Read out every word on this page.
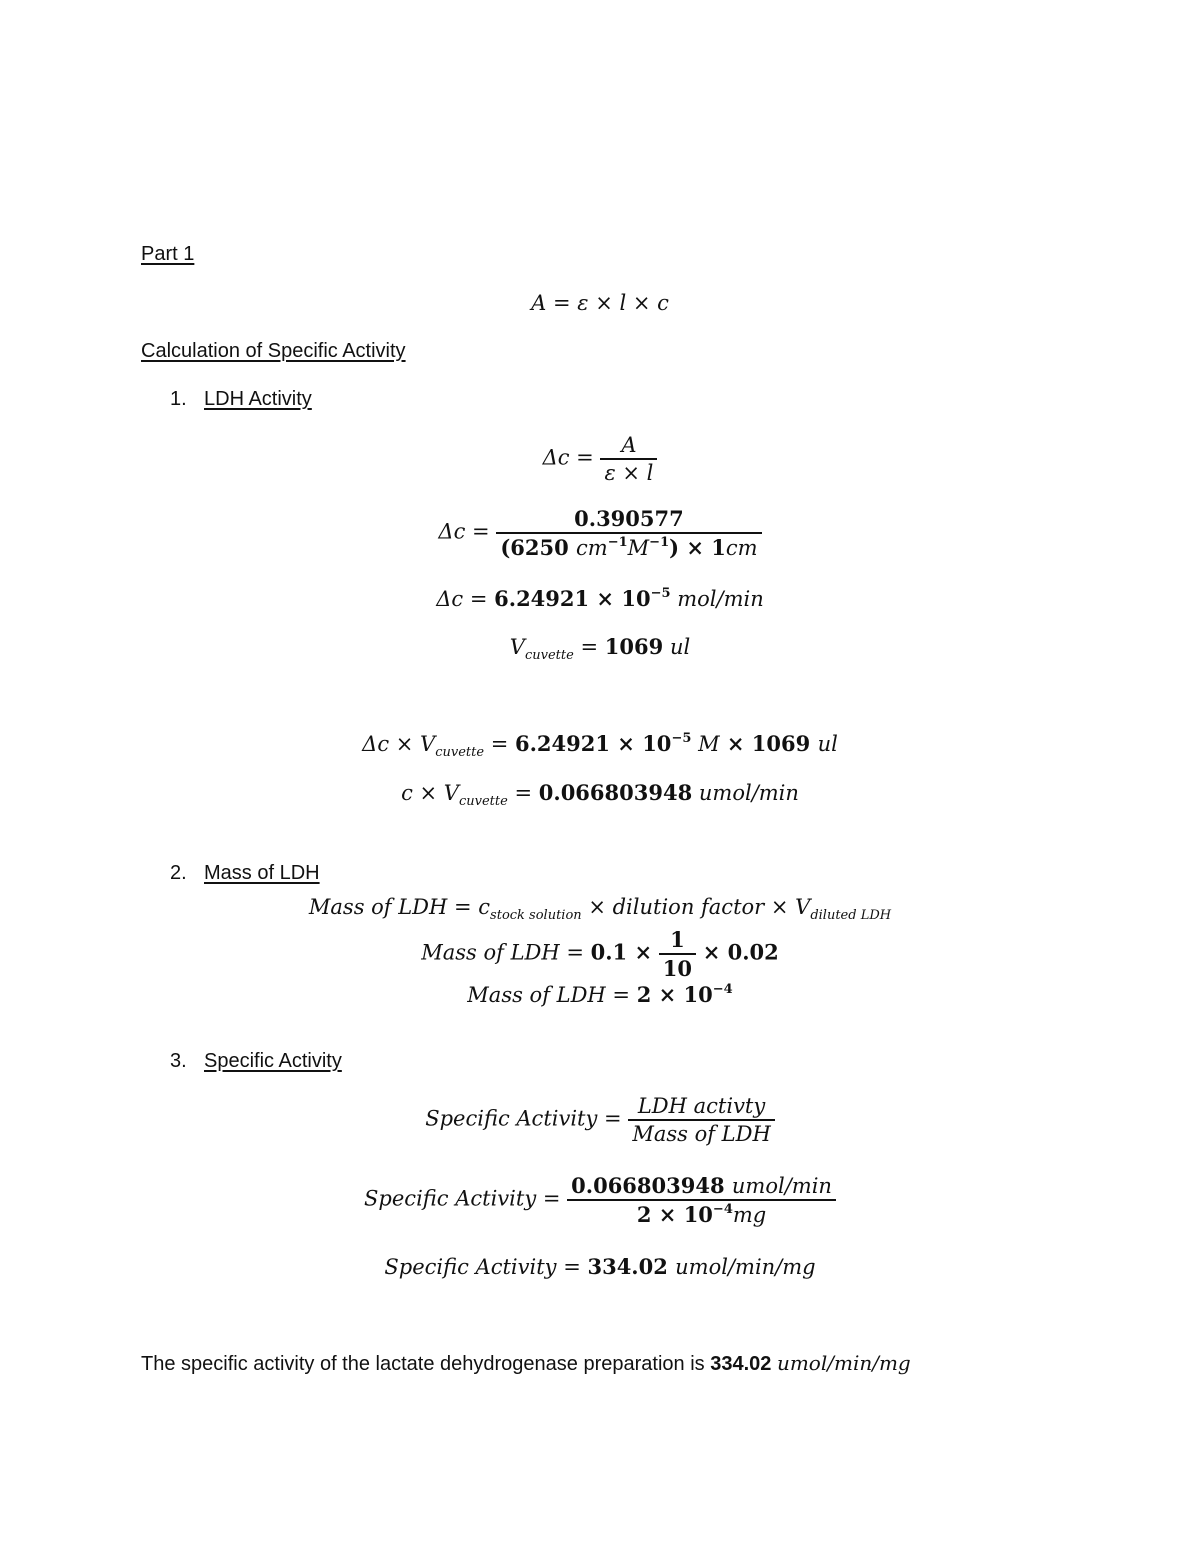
Part 1
A = ε × l × c
Calculation of Specific Activity
1. LDH Activity
$\Delta c = \frac{A}{\varepsilon \times l}$
$\Delta c = \frac{0.390577}{(6250 cm^{-1}M^{-1}) \times 1cm}$
$\Delta c = 6.24921 \times 10^{-5}$ mol/min
$V_{cuvette} = 1069$ ul
$\Delta c \times V_{cuvette} = 6.24921 \times 10^{-5}$ M × 1069 ul
$c \times V_{cuvette} = 0.066803948$ umol/min
2. Mass of LDH
Mass of LDH = $c_{stock solution}$ × dilution factor × $V_{diluted LDH}$
Mass of LDH = $0.1 \times \frac{1}{10} \times 0.02$
Mass of LDH = $2 \times 10^{-4}$
3. Specific Activity
Specific Activity = $\frac{\text{LDH activty}}{\text{Mass of LDH}}$
Specific Activity = $\frac{\text{0.066803948 umol/min}}{2 \times 10^{-4}mg}$
Specific Activity = 334.02 umol/min/mg
The specific activity of the lactate dehydrogenase preparation is 334.02 umol/min/mg
